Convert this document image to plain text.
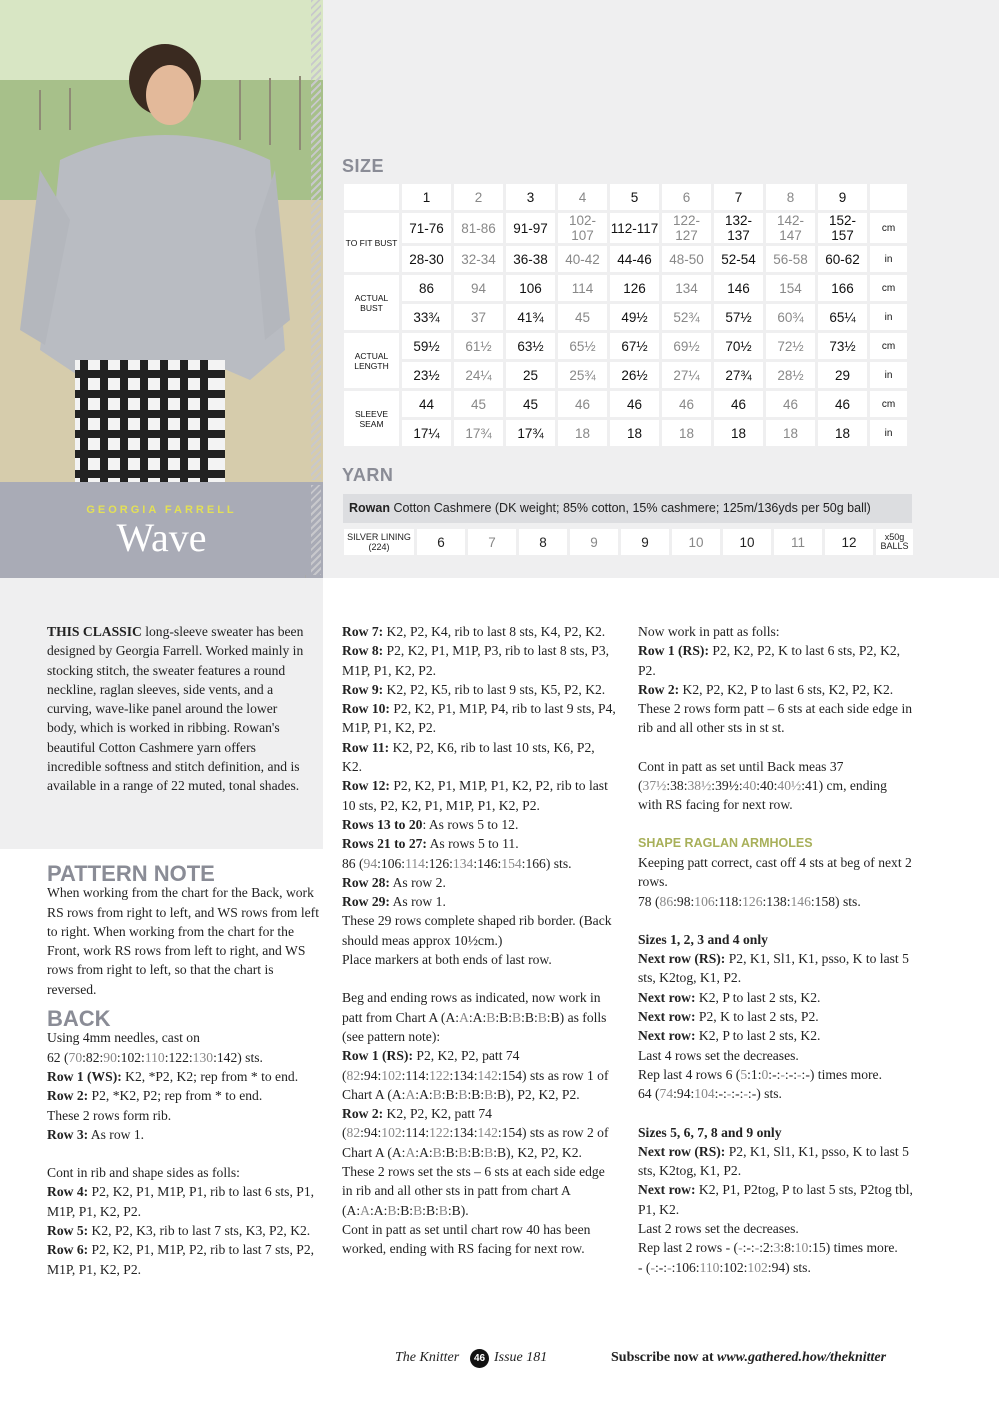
GEORGIA FARRELL
Wave
SIZE
	1	2	3	4	5	6	7	8	9	
TO FIT BUST	71-76	81-86	91-97	102-107	112-117	122-127	132-137	142-147	152-157	cm
	28-30	32-34	36-38	40-42	44-46	48-50	52-54	56-58	60-62	in
ACTUAL BUST	86	94	106	114	126	134	146	154	166	cm
	33¾	37	41¾	45	49½	52¾	57½	60¾	65¼	in
ACTUAL LENGTH	59½	61½	63½	65½	67½	69½	70½	72½	73½	cm
	23½	24¼	25	25¾	26½	27¼	27¾	28½	29	in
SLEEVE SEAM	44	45	45	46	46	46	46	46	46	cm
	17¼	17¾	17¾	18	18	18	18	18	18	in
YARN
Rowan Cotton Cashmere (DK weight; 85% cotton, 15% cashmere; 125m/136yds per 50g ball)
SILVER LINING (224)	6	7	8	9	9	10	10	11	12	x50g BALLS

THIS CLASSIC long-sleeve sweater has been designed by Georgia Farrell. Worked mainly in stocking stitch, the sweater features a round neckline, raglan sleeves, side vents, and a curving, wave-like panel around the lower body, which is worked in ribbing. Rowan's beautiful Cotton Cashmere yarn offers incredible softness and stitch definition, and is available in a range of 22 muted, tonal shades.

PATTERN NOTE

When working from the chart for the Back, work RS rows from right to left, and WS rows from left to right. When working from the chart for the Front, work RS rows from left to right, and WS rows from right to left, so that the chart is reversed.

BACK

Using 4mm needles, cast on
62 (70:82:90:102:110:122:130:142) sts.

Row 1 (WS): K2, *P2, K2; rep from * to end.

Row 2: P2, *K2, P2; rep from * to end.

These 2 rows form rib.

Row 3: As row 1.

Cont in rib and shape sides as folls:

Row 4: P2, K2, P1, M1P, P1, rib to last 6 sts, P1, M1P, P1, K2, P2.

Row 5: K2, P2, K3, rib to last 7 sts, K3, P2, K2.

Row 6: P2, K2, P1, M1P, P2, rib to last 7 sts, P2, M1P, P1, K2, P2.

Row 7: K2, P2, K4, rib to last 8 sts, K4, P2, K2.

Row 8: P2, K2, P1, M1P, P3, rib to last 8 sts, P3, M1P, P1, K2, P2.

Row 9: K2, P2, K5, rib to last 9 sts, K5, P2, K2.

Row 10: P2, K2, P1, M1P, P4, rib to last 9 sts, P4, M1P, P1, K2, P2.

Row 11: K2, P2, K6, rib to last 10 sts, K6, P2, K2.

Row 12: P2, K2, P1, M1P, P1, K2, P2, rib to last 10 sts, P2, K2, P1, M1P, P1, K2, P2.

Rows 13 to 20: As rows 5 to 12.

Rows 21 to 27: As rows 5 to 11.

86 (94:106:114:126:134:146:154:166) sts.

Row 28: As row 2.

Row 29: As row 1.

These 29 rows complete shaped rib border. (Back should meas approx 10½cm.)

Place markers at both ends of last row.

Beg and ending rows as indicated, now work in patt from Chart A (A:A:A:B:B:B:B:B:B) as folls (see pattern note):

Row 1 (RS): P2, K2, P2, patt 74 (82:94:102:114:122:134:142:154) sts as row 1 of Chart A (A:A:A:B:B:B:B:B:B), P2, K2, P2.

Row 2: K2, P2, K2, patt 74 (82:94:102:114:122:134:142:154) sts as row 2 of Chart A (A:A:A:B:B:B:B:B:B), K2, P2, K2.

These 2 rows set the sts – 6 sts at each side edge in rib and all other sts in patt from chart A (A:A:A:B:B:B:B:B:B).

Cont in patt as set until chart row 40 has been worked, ending with RS facing for next row.

Now work in patt as folls:

Row 1 (RS): P2, K2, P2, K to last 6 sts, P2, K2, P2.

Row 2: K2, P2, K2, P to last 6 sts, K2, P2, K2.

These 2 rows form patt – 6 sts at each side edge in rib and all other sts in st st.

Cont in patt as set until Back meas 37 (37½:38:38½:39½:40:40:40½:41) cm, ending with RS facing for next row.

SHAPE RAGLAN ARMHOLES

Keeping patt correct, cast off 4 sts at beg of next 2 rows.

78 (86:98:106:118:126:138:146:158) sts.

Sizes 1, 2, 3 and 4 only

Next row (RS): P2, K1, Sl1, K1, psso, K to last 5 sts, K2tog, K1, P2.

Next row: K2, P to last 2 sts, K2.

Next row: P2, K to last 2 sts, P2.

Next row: K2, P to last 2 sts, K2.

Last 4 rows set the decreases.

Rep last 4 rows 6 (5:1:0:-:-:-:-:-) times more.

64 (74:94:104:-:-:-:-:-) sts.

Sizes 5, 6, 7, 8 and 9 only

Next row (RS): P2, K1, Sl1, K1, psso, K to last 5 sts, K2tog, K1, P2.

Next row: K2, P1, P2tog, P to last 5 sts, P2tog tbl, P1, K2.

Last 2 rows set the decreases.

Rep last 2 rows - (-:-:-:2:3:8:10:15) times more.

- (-:-:-:106:110:102:102:94) sts.

The Knitter	46 Issue 181	Subscribe now at www.gathered.how/theknitter
